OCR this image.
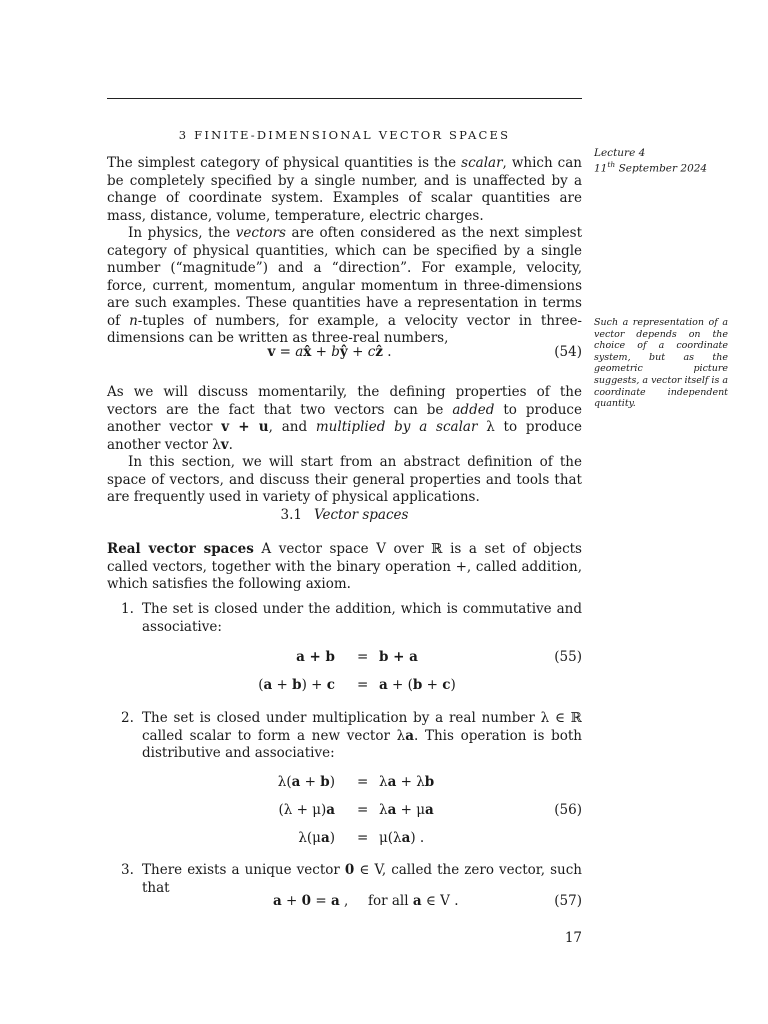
3 FINITE-DIMENSIONAL VECTOR SPACES
Lecture 4
11th September 2024
Such a representation of a vector depends on the choice of a coordinate system, but as the geometric picture suggests, a vector itself is a coordinate independent quantity.

The simplest category of physical quantities is the scalar, which can be completely specified by a single number, and is unaffected by a change of coordinate system. Examples of scalar quantities are mass, distance, volume, temperature, electric charges.

In physics, the vectors are often considered as the next simplest category of physical quantities, which can be specified by a single number (“magnitude”) and a “direction”. For example, velocity, force, current, momentum, angular momentum in three-dimensions are such examples. These quantities have a representation in terms of n-tuples of numbers, for example, a velocity vector in three-dimensions can be written as three-real numbers,

v = ax̂ + bŷ + cẑ .	(54)

As we will discuss momentarily, the defining properties of the vectors are the fact that two vectors can be added to produce another vector v + u, and multiplied by a scalar λ to produce another vector λv.

In this section, we will start from an abstract definition of the space of vectors, and discuss their general properties and tools that are frequently used in variety of physical applications.

3.1 Vector spaces

Real vector spaces A vector space V over ℝ is a set of objects called vectors, together with the binary operation +, called addition, which satisfies the following axiom.

1. The set is closed under the addition, which is commutative and associative:
a + b = b + a	(55)
(a + b) + c = a + (b + c)
2. The set is closed under multiplication by a real number λ ∈ ℝ called scalar to form a new vector λa. This operation is both distributive and associative:
λ(a + b) = λa + λb
(λ + μ)a = λa + μa	(56)
λ(μa) = μ(λa) .
3. There exists a unique vector 0 ∈ V, called the zero vector, such that
a + 0 = a , for all a ∈ V .	(57)
17
